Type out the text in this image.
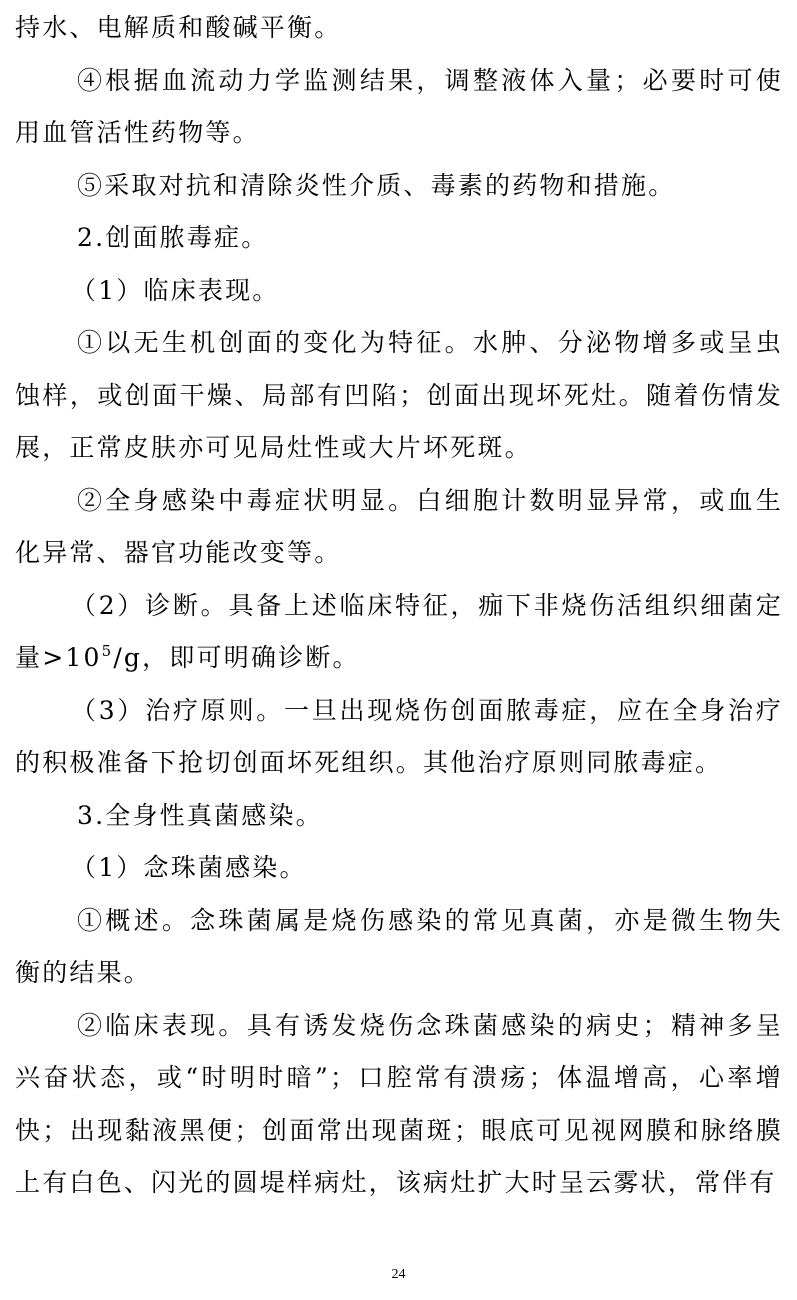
持水、电解质和酸碱平衡。

④根据血流动力学监测结果，调整液体入量；必要时可使用血管活性药物等。

⑤采取对抗和清除炎性介质、毒素的药物和措施。

2.创面脓毒症。

（1）临床表现。

①以无生机创面的变化为特征。水肿、分泌物增多或呈虫蚀样，或创面干燥、局部有凹陷；创面出现坏死灶。随着伤情发展，正常皮肤亦可见局灶性或大片坏死斑。

②全身感染中毒症状明显。白细胞计数明显异常，或血生化异常、器官功能改变等。

（2）诊断。具备上述临床特征，痂下非烧伤活组织细菌定量$>10^5/g$，即可明确诊断。

（3）治疗原则。一旦出现烧伤创面脓毒症，应在全身治疗的积极准备下抢切创面坏死组织。其他治疗原则同脓毒症。

3.全身性真菌感染。

（1）念珠菌感染。

①概述。念珠菌属是烧伤感染的常见真菌，亦是微生物失衡的结果。

②临床表现。具有诱发烧伤念珠菌感染的病史；精神多呈兴奋状态，或“时明时暗”；口腔常有溃疡；体温增高，心率增快；出现黏液黑便；创面常出现菌斑；眼底可见视网膜和脉络膜上有白色、闪光的圆堤样病灶，该病灶扩大时呈云雾状，常伴有

24
